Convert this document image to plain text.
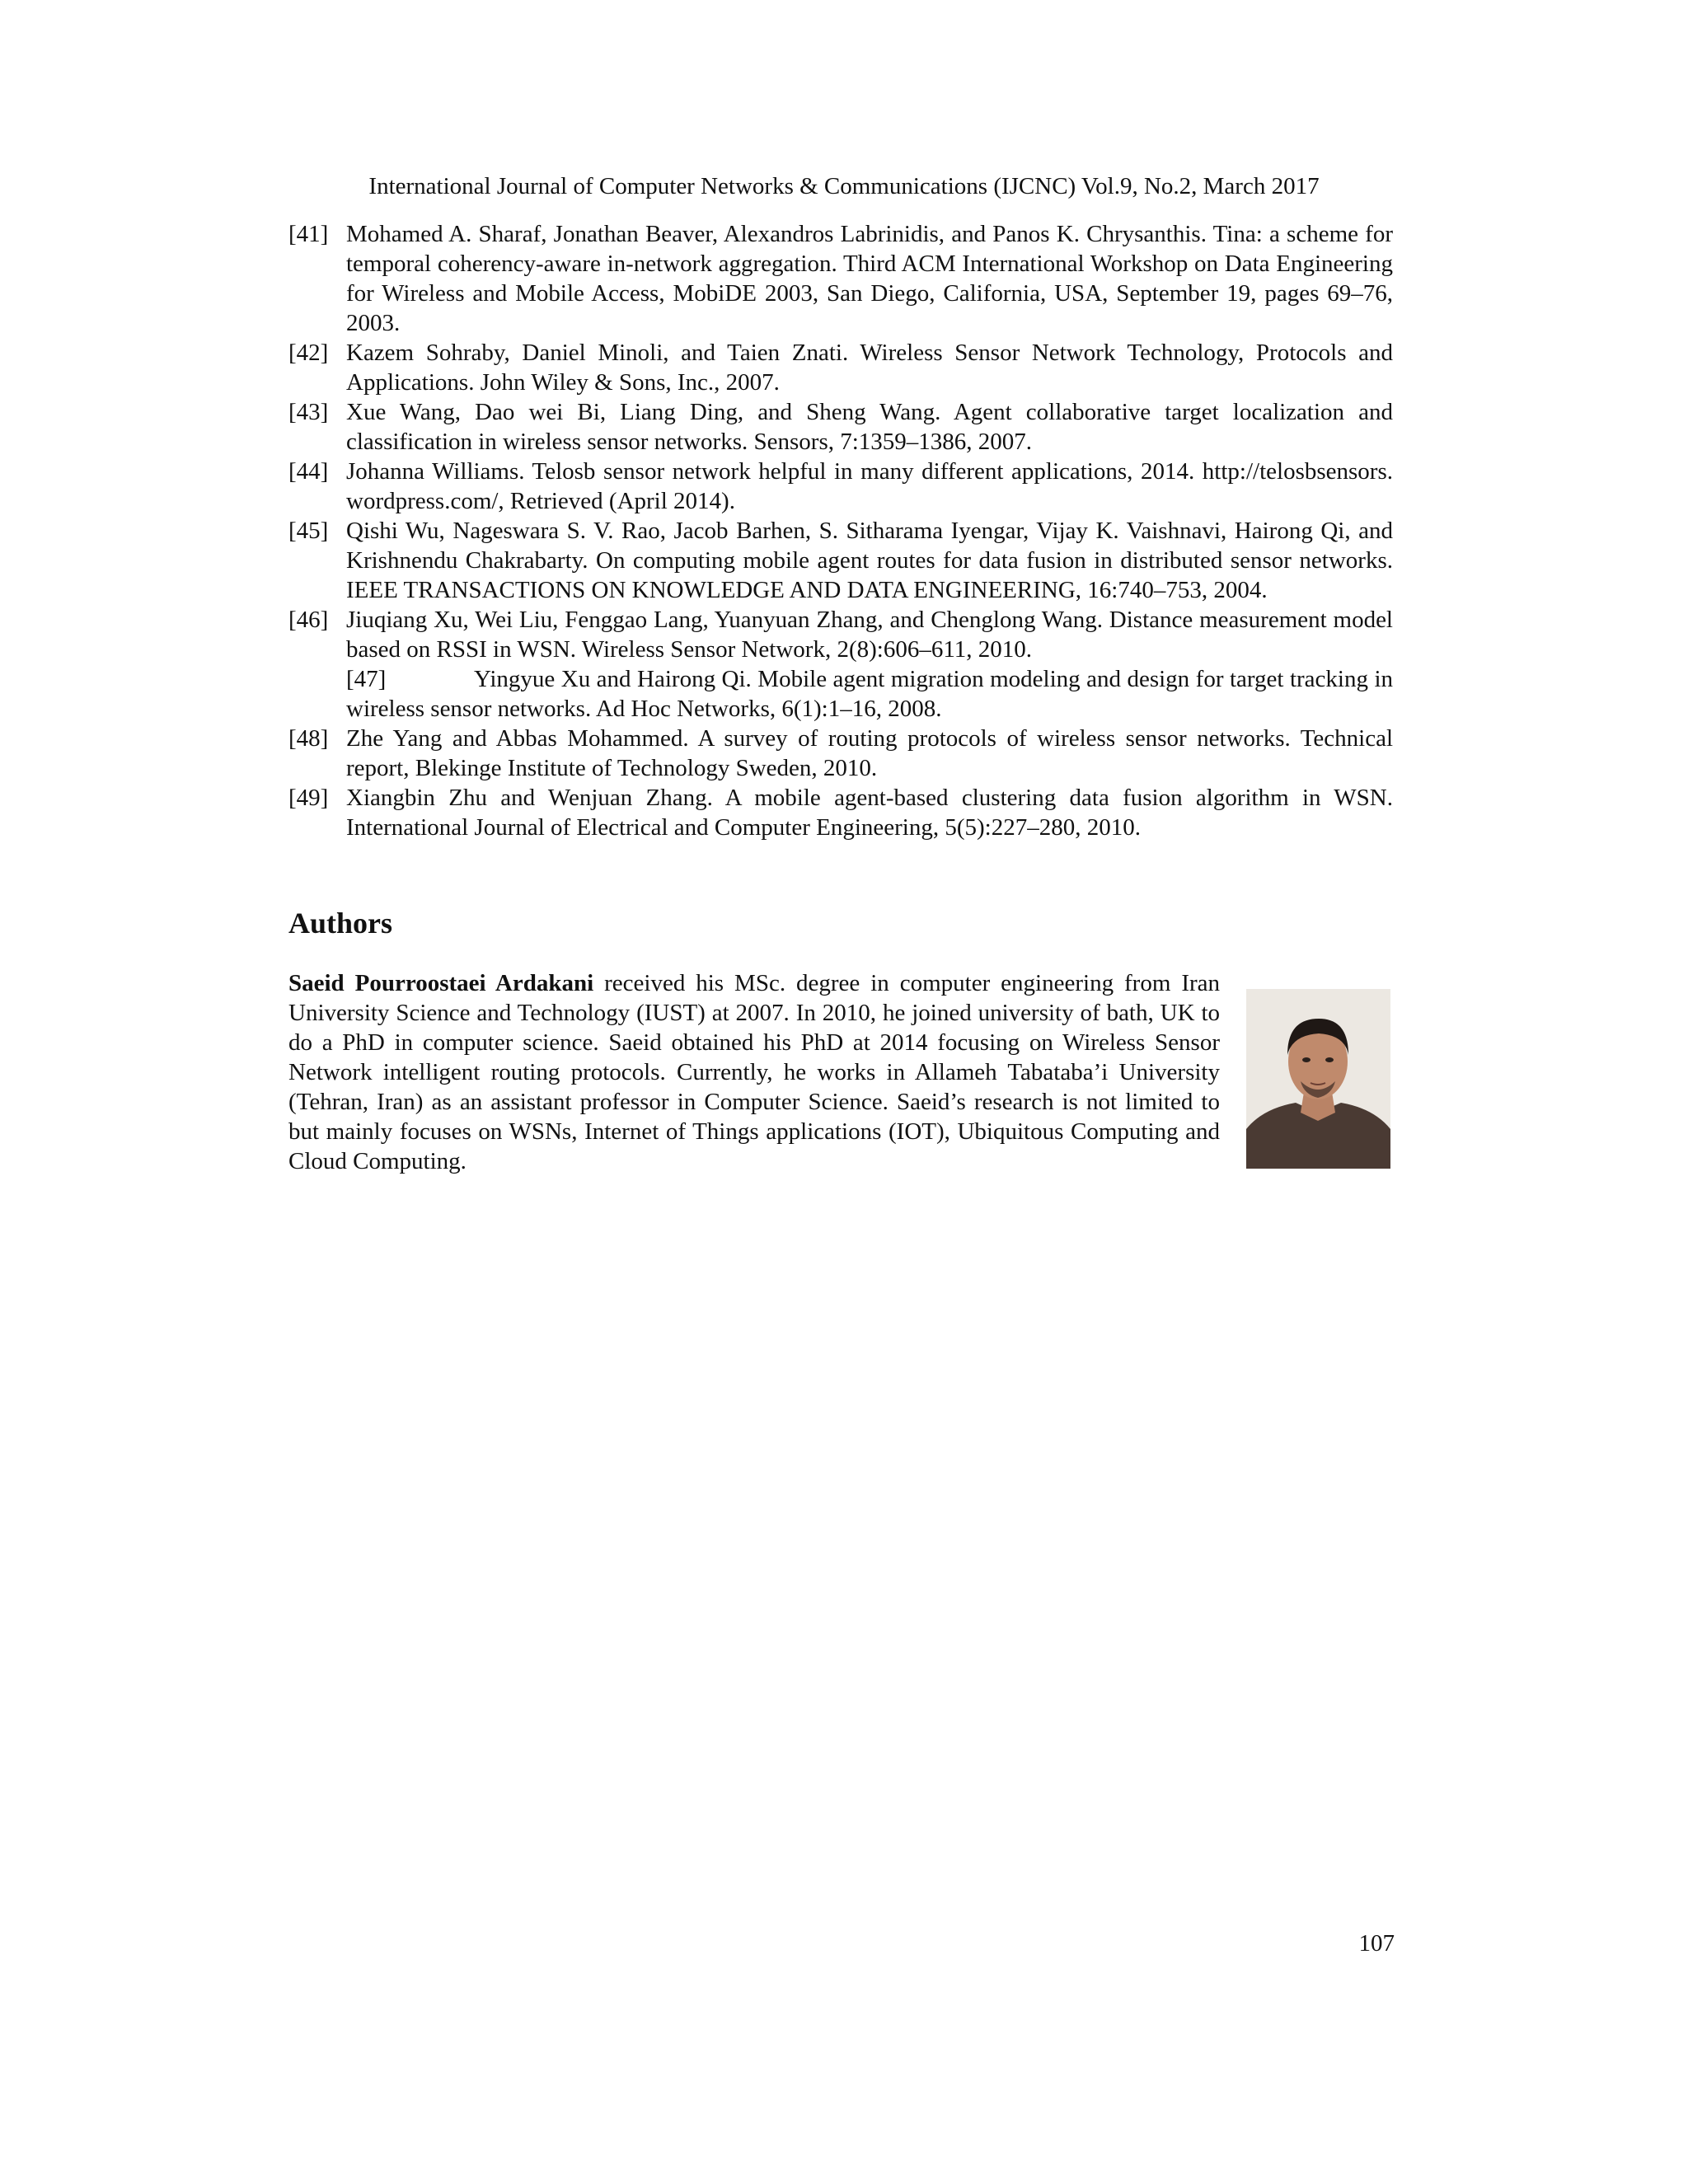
International Journal of Computer Networks & Communications (IJCNC) Vol.9, No.2, March 2017
[41] Mohamed A. Sharaf, Jonathan Beaver, Alexandros Labrinidis, and Panos K. Chrysanthis. Tina: a scheme for temporal coherency-aware in-network aggregation. Third ACM International Workshop on Data Engineering for Wireless and Mobile Access, MobiDE 2003, San Diego, California, USA, September 19, pages 69–76, 2003.
[42] Kazem Sohraby, Daniel Minoli, and Taien Znati. Wireless Sensor Network Technology, Protocols and Applications. John Wiley & Sons, Inc., 2007.
[43] Xue Wang, Dao wei Bi, Liang Ding, and Sheng Wang. Agent collaborative target localization and classification in wireless sensor networks. Sensors, 7:1359–1386, 2007.
[44] Johanna Williams. Telosb sensor network helpful in many different applications, 2014. http://telosbsensors. wordpress.com/, Retrieved (April 2014).
[45] Qishi Wu, Nageswara S. V. Rao, Jacob Barhen, S. Sitharama Iyengar, Vijay K. Vaishnavi, Hairong Qi, and Krishnendu Chakrabarty. On computing mobile agent routes for data fusion in distributed sensor networks. IEEE TRANSACTIONS ON KNOWLEDGE AND DATA ENGINEERING, 16:740–753, 2004.
[46] Jiuqiang Xu, Wei Liu, Fenggao Lang, Yuanyuan Zhang, and Chenglong Wang. Distance measurement model based on RSSI in WSN. Wireless Sensor Network, 2(8):606–611, 2010.
[47]	Yingyue Xu and Hairong Qi. Mobile agent migration modeling and design for target tracking in wireless sensor networks. Ad Hoc Networks, 6(1):1–16, 2008.
[48] Zhe Yang and Abbas Mohammed. A survey of routing protocols of wireless sensor networks. Technical report, Blekinge Institute of Technology Sweden, 2010.
[49] Xiangbin Zhu and Wenjuan Zhang. A mobile agent-based clustering data fusion algorithm in WSN. International Journal of Electrical and Computer Engineering, 5(5):227–280, 2010.
Authors
Saeid Pourroostaei Ardakani received his MSc. degree in computer engineering from Iran University Science and Technology (IUST) at 2007. In 2010, he joined university of bath, UK to do a PhD in computer science. Saeid obtained his PhD at 2014 focusing on Wireless Sensor Network intelligent routing protocols. Currently, he works in Allameh Tabataba’i University (Tehran, Iran) as an assistant professor in Computer Science. Saeid’s research is not limited to but mainly focuses on WSNs, Internet of Things applications (IOT), Ubiquitous Computing and Cloud Computing.
107
